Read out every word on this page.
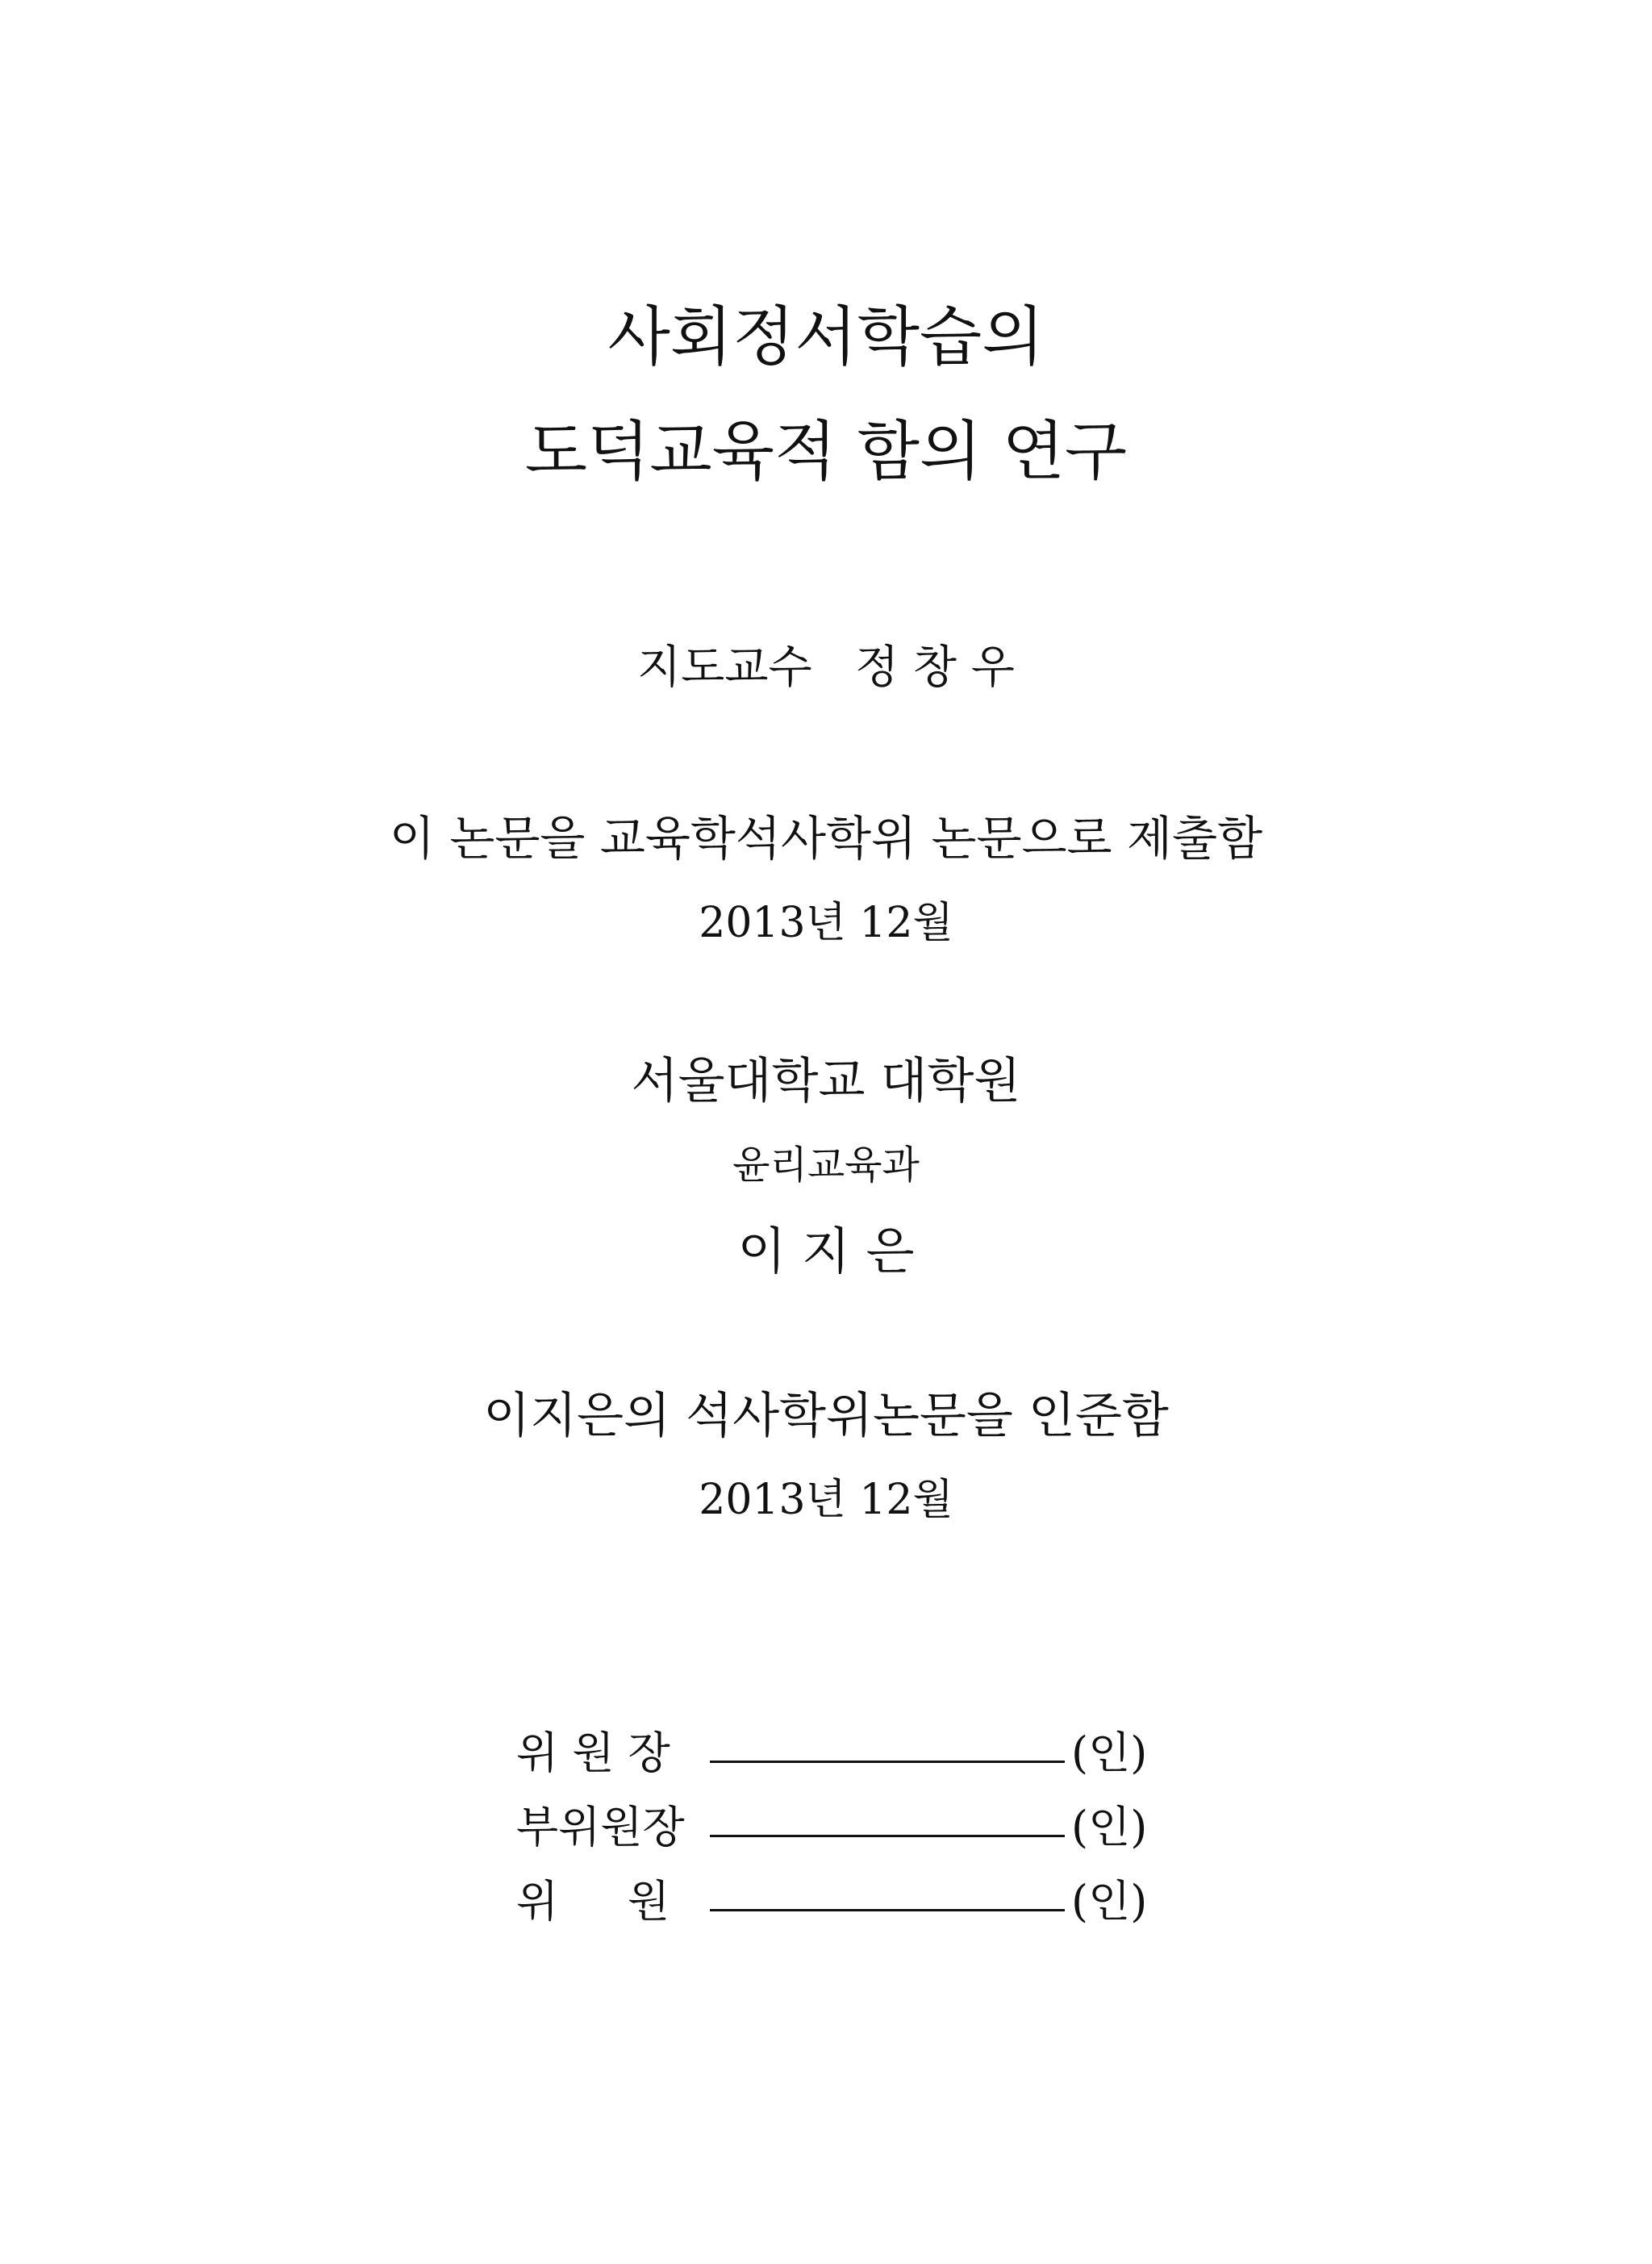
사회정서학습의
도덕교육적 함의 연구
지도교수   정 창 우
이 논문을 교육학석사학위 논문으로 제출함
2013년 12월
서울대학교 대학원
윤리교육과
이 지 은
이지은의 석사학위논문을 인준함
2013년 12월
위 원 장	(인)
부위원장	(인)
위     원	(인)
